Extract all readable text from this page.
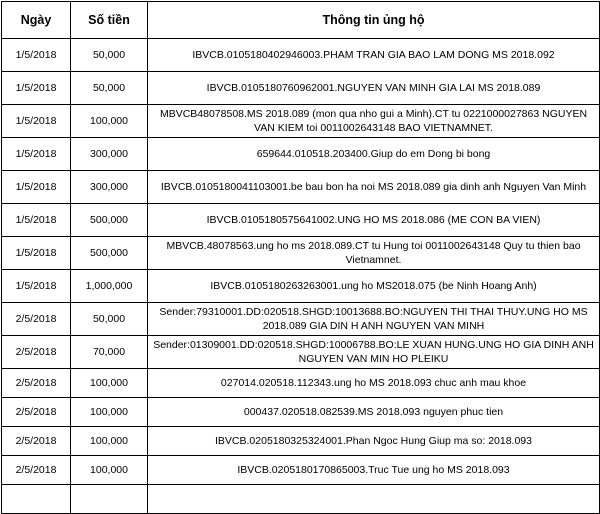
Ngày	Số tiền	Thông tin ủng hộ
1/5/2018	50,000	IBVCB.0105180402946003.PHAM TRAN GIA BAO LAM DONG MS 2018.092
1/5/2018	50,000	IBVCB.0105180760962001.NGUYEN VAN MINH GIA LAI MS 2018.089
1/5/2018	100,000	MBVCB48078508.MS 2018.089 (mon qua nho gui a Minh).CT tu 0221000027863 NGUYEN VAN KIEM toi 0011002643148 BAO VIETNAMNET.
1/5/2018	300,000	659644.010518.203400.Giup do em Dong bi bong
1/5/2018	300,000	IBVCB.0105180041103001.be bau bon ha noi MS 2018.089 gia dinh anh Nguyen Van Minh
1/5/2018	500,000	IBVCB.0105180575641002.UNG HO MS 2018.086 (ME CON BA VIEN)
1/5/2018	500,000	MBVCB.48078563.ung ho ms 2018.089.CT tu Hung toi 0011002643148 Quy tu thien bao Vietnamnet.
1/5/2018	1,000,000	IBVCB.0105180263263001.ung ho MS2018.075 (be Ninh Hoang Anh)
2/5/2018	50,000	Sender:79310001.DD:020518.SHGD:10013688.BO:NGUYEN THI THAI THUY.UNG HO MS 2018.089 GIA DIN H ANH NGUYEN VAN MINH
2/5/2018	70,000	Sender:01309001.DD:020518.SHGD:10006788.BO:LE XUAN HUNG.UNG HO GIA DINH ANH NGUYEN VAN MIN HO PLEIKU
2/5/2018	100,000	027014.020518.112343.ung ho MS 2018.093 chuc anh mau khoe
2/5/2018	100,000	000437.020518.082539.MS 2018.093 nguyen phuc tien
2/5/2018	100,000	IBVCB.0205180325324001.Phan Ngoc Hung Giup ma so: 2018.093
2/5/2018	100,000	IBVCB.0205180170865003.Truc Tue ung ho MS 2018.093
